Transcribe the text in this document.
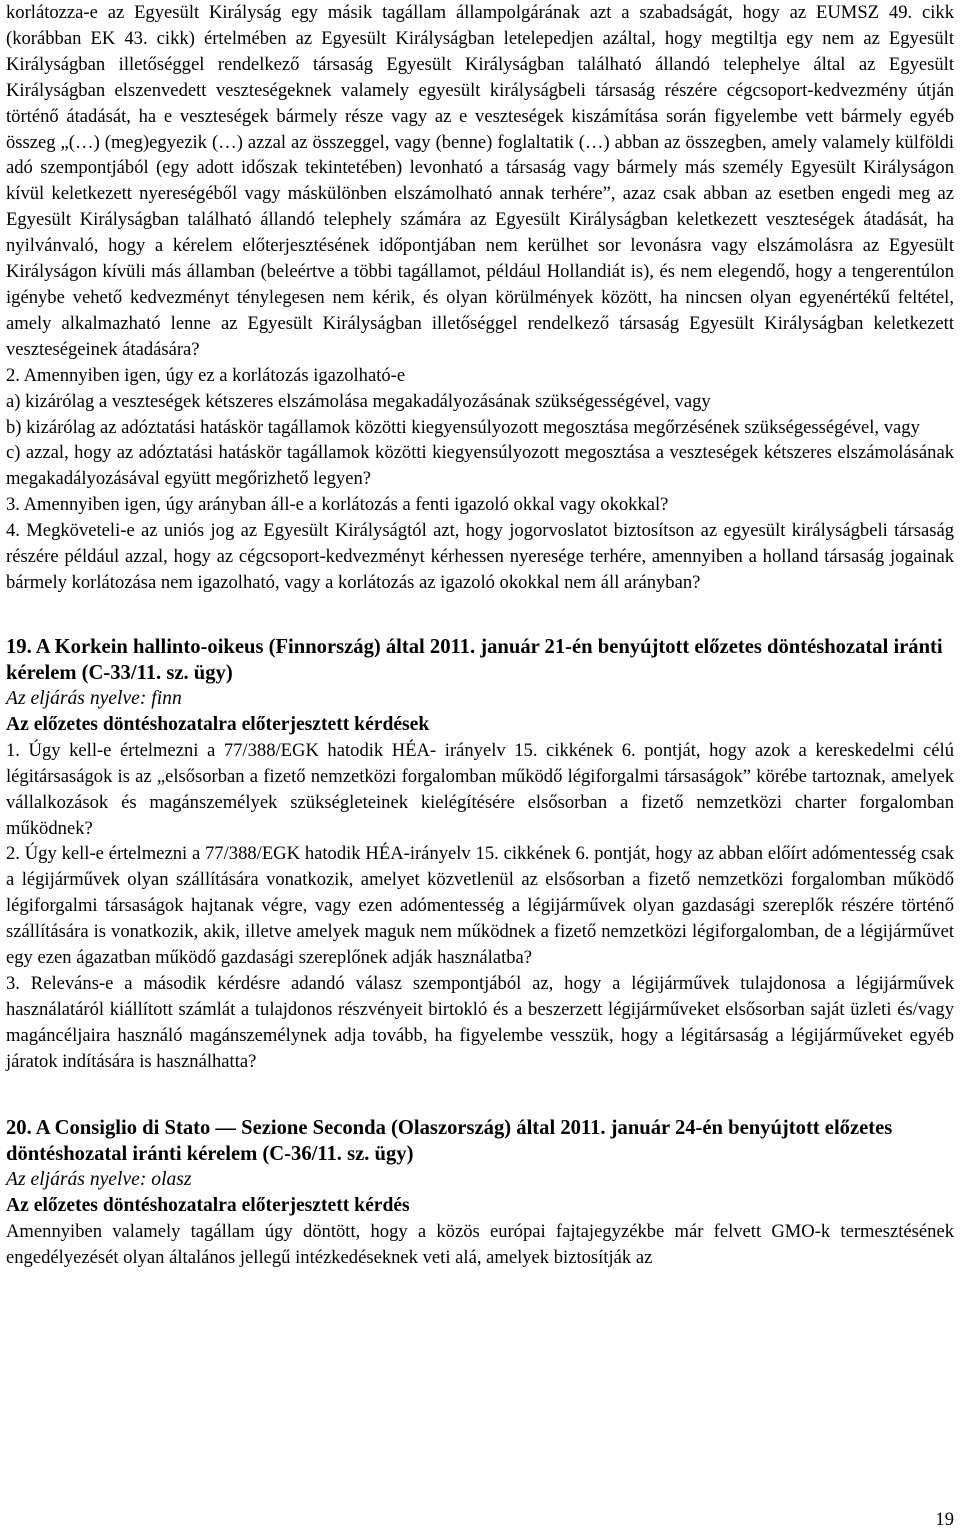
korlátozza-e az Egyesült Királyság egy másik tagállam állampolgárának azt a szabadságát, hogy az EUMSZ 49. cikk (korábban EK 43. cikk) értelmében az Egyesült Királyságban letelepedjen azáltal, hogy megtiltja egy nem az Egyesült Királyságban illetőséggel rendelkező társaság Egyesült Királyságban található állandó telephelye által az Egyesült Királyságban elszenvedett veszteségeknek valamely egyesült királyságbeli társaság részére cégcsoport-kedvezmény útján történő átadását, ha e veszteségek bármely része vagy az e veszteségek kiszámítása során figyelembe vett bármely egyéb összeg „(…) (meg)egyezik (…) azzal az összeggel, vagy (benne) foglaltatik (…) abban az összegben, amely valamely külföldi adó szempontjából (egy adott időszak tekintetében) levonható a társaság vagy bármely más személy Egyesült Királyságon kívül keletkezett nyereségéből vagy máskülönben elszámolható annak terhére”, azaz csak abban az esetben engedi meg az Egyesült Királyságban található állandó telephely számára az Egyesült Királyságban keletkezett veszteségek átadását, ha nyilvánvaló, hogy a kérelem előterjesztésének időpontjában nem kerülhet sor levonásra vagy elszámolásra az Egyesült Királyságon kívüli más államban (beleértve a többi tagállamot, például Hollandiát is), és nem elegendő, hogy a tengerentúlon igénybe vehető kedvezményt ténylegesen nem kérik, és olyan körülmények között, ha nincsen olyan egyenértékű feltétel, amely alkalmazható lenne az Egyesült Királyságban illetőséggel rendelkező társaság Egyesült Királyságban keletkezett veszteségeinek átadására?

2. Amennyiben igen, úgy ez a korlátozás igazolható-e

a) kizárólag a veszteségek kétszeres elszámolása megakadályozásának szükségességével, vagy

b) kizárólag az adóztatási hatáskör tagállamok közötti kiegyensúlyozott megosztása megőrzésének szükségességével, vagy

c) azzal, hogy az adóztatási hatáskör tagállamok közötti kiegyensúlyozott megosztása a veszteségek kétszeres elszámolásának megakadályozásával együtt megőrizhető legyen?

3. Amennyiben igen, úgy arányban áll-e a korlátozás a fenti igazoló okkal vagy okokkal?

4. Megköveteli-e az uniós jog az Egyesült Királyságtól azt, hogy jogorvoslatot biztosítson az egyesült királyságbeli társaság részére például azzal, hogy az cégcsoport-kedvezményt kérhessen nyeresége terhére, amennyiben a holland társaság jogainak bármely korlátozása nem igazolható, vagy a korlátozás az igazoló okokkal nem áll arányban?

19. A Korkein hallinto-oikeus (Finnország) által 2011. január 21-én benyújtott előzetes döntéshozatal iránti kérelem (C-33/11. sz. ügy)

Az eljárás nyelve: finn

Az előzetes döntéshozatalra előterjesztett kérdések

1. Úgy kell-e értelmezni a 77/388/EGK hatodik HÉA- irányelv 15. cikkének 6. pontját, hogy azok a kereskedelmi célú légitársaságok is az „elsősorban a fizető nemzetközi forgalomban működő légiforgalmi társaságok” körébe tartoznak, amelyek vállalkozások és magánszemélyek szükségleteinek kielégítésére elsősorban a fizető nemzetközi charter forgalomban működnek?

2. Úgy kell-e értelmezni a 77/388/EGK hatodik HÉA-irányelv 15. cikkének 6. pontját, hogy az abban előírt adómentesség csak a légijárművek olyan szállítására vonatkozik, amelyet közvetlenül az elsősorban a fizető nemzetközi forgalomban működő légiforgalmi társaságok hajtanak végre, vagy ezen adómentesség a légijárművek olyan gazdasági szereplők részére történő szállítására is vonatkozik, akik, illetve amelyek maguk nem működnek a fizető nemzetközi légiforgalomban, de a légijárművet egy ezen ágazatban működő gazdasági szereplőnek adják használatba?

3. Releváns-e a második kérdésre adandó válasz szempontjából az, hogy a légijárművek tulajdonosa a légijárművek használatáról kiállított számlát a tulajdonos részvényeit birtokló és a beszerzett légijárműveket elsősorban saját üzleti és/vagy magáncéljaira használó magánszemélynek adja tovább, ha figyelembe vesszük, hogy a légitársaság a légijárműveket egyéb járatok indítására is használhatta?

20. A Consiglio di Stato — Sezione Seconda (Olaszország) által 2011. január 24-én benyújtott előzetes döntéshozatal iránti kérelem (C-36/11. sz. ügy)

Az eljárás nyelve: olasz

Az előzetes döntéshozatalra előterjesztett kérdés

Amennyiben valamely tagállam úgy döntött, hogy a közös európai fajtajegyzékbe már felvett GMO-k termesztésének engedélyezését olyan általános jellegű intézkedéseknek veti alá, amelyek biztosítják az

19
